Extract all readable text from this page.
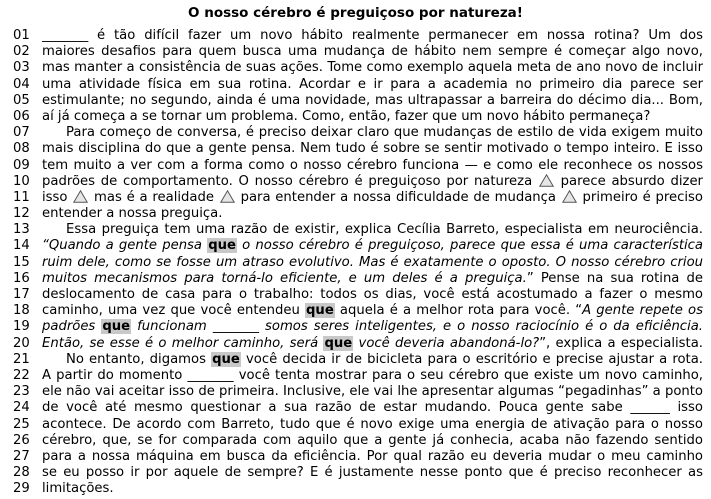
O nosso cérebro é preguiçoso por natureza!
01 _______ é tão difícil fazer um novo hábito realmente permanecer em nossa rotina? Um dos
02 maiores desafios para quem busca uma mudança de hábito nem sempre é começar algo novo,
03 mas manter a consistência de suas ações. Tome como exemplo aquela meta de ano novo de incluir
04 uma atividade física em sua rotina. Acordar e ir para a academia no primeiro dia parece ser
05 estimulante; no segundo, ainda é uma novidade, mas ultrapassar a barreira do décimo dia... Bom,
06 aí já começa a se tornar um problema. Como, então, fazer que um novo hábito permaneça?
07	Para começo de conversa, é preciso deixar claro que mudanças de estilo de vida exigem muito
08 mais disciplina do que a gente pensa. Nem tudo é sobre se sentir motivado o tempo inteiro. E isso
09 tem muito a ver com a forma como o nosso cérebro funciona — e como ele reconhece os nossos
10 padrões de comportamento. O nosso cérebro é preguiçoso por natureza  parece absurdo dizer
11 isso  mas é a realidade  para entender a nossa dificuldade de mudança  primeiro é preciso
12 entender a nossa preguiça.
13	Essa preguiça tem uma razão de existir, explica Cecília Barreto, especialista em neurociência.
14 “Quando a gente pensa que o nosso cérebro é preguiçoso, parece que essa é uma característica
15 ruim dele, como se fosse um atraso evolutivo. Mas é exatamente o oposto. O nosso cérebro criou
16 muitos mecanismos para torná-lo eficiente, e um deles é a preguiça.” Pense na sua rotina de
17 deslocamento de casa para o trabalho: todos os dias, você está acostumado a fazer o mesmo
18 caminho, uma vez que você entendeu que aquela é a melhor rota para você. “A gente repete os
19 padrões que funcionam _______ somos seres inteligentes, e o nosso raciocínio é o da eficiência.
20 Então, se esse é o melhor caminho, será que você deveria abandoná-lo?”, explica a especialista.
21	No entanto, digamos que você decida ir de bicicleta para o escritório e precise ajustar a rota.
22 A partir do momento _______ você tenta mostrar para o seu cérebro que existe um novo caminho,
23 ele não vai aceitar isso de primeira. Inclusive, ele vai lhe apresentar algumas “pegadinhas” a ponto
24 de você até mesmo questionar a sua razão de estar mudando. Pouca gente sabe ______ isso
25 acontece. De acordo com Barreto, tudo que é novo exige uma energia de ativação para o nosso
26 cérebro, que, se for comparada com aquilo que a gente já conhecia, acaba não fazendo sentido
27 para a nossa máquina em busca da eficiência. Por qual razão eu deveria mudar o meu caminho
28 se eu posso ir por aquele de sempre? E é justamente nesse ponto que é preciso reconhecer as
29 limitações.
